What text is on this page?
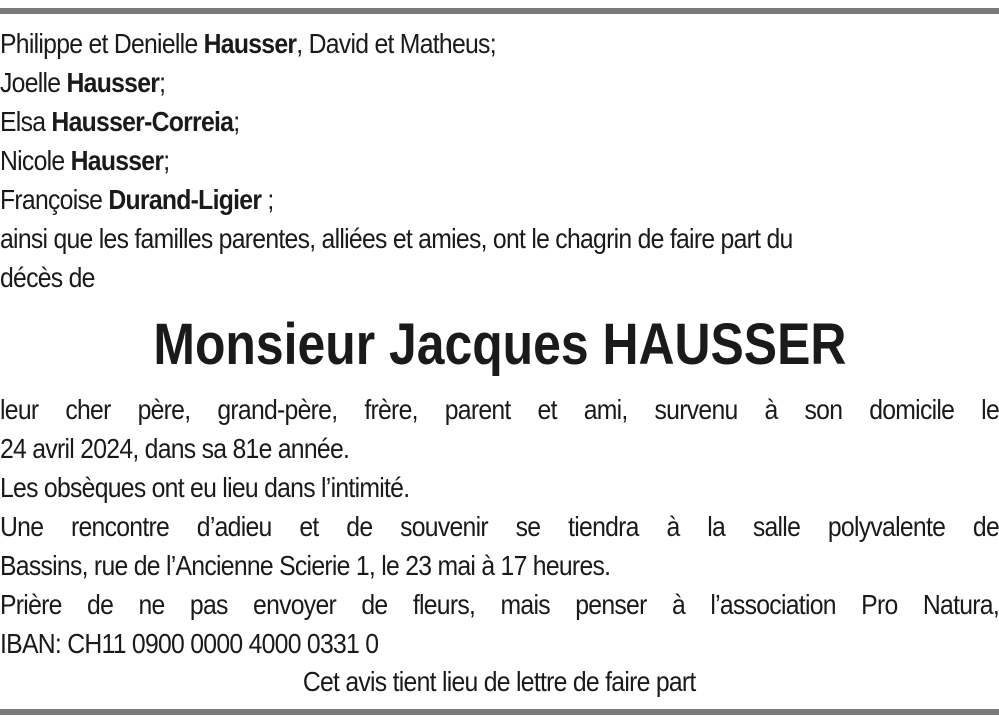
Philippe et Denielle Hausser, David et Matheus;
Joelle Hausser;
Elsa Hausser-Correia;
Nicole Hausser;
Françoise Durand-Ligier ;
ainsi que les familles parentes, alliées et amies, ont le chagrin de faire part du
décès de
Monsieur Jacques HAUSSER
leur cher père, grand-père, frère, parent et ami, survenu à son domicile le
24 avril 2024, dans sa 81e année.
Les obsèques ont eu lieu dans l’intimité.
Une rencontre d’adieu et de souvenir se tiendra à la salle polyvalente de
Bassins, rue de l’Ancienne Scierie 1, le 23 mai à 17 heures.
Prière de ne pas envoyer de fleurs, mais penser à l’association Pro Natura,
IBAN: CH11 0900 0000 4000 0331 0
Cet avis tient lieu de lettre de faire part
